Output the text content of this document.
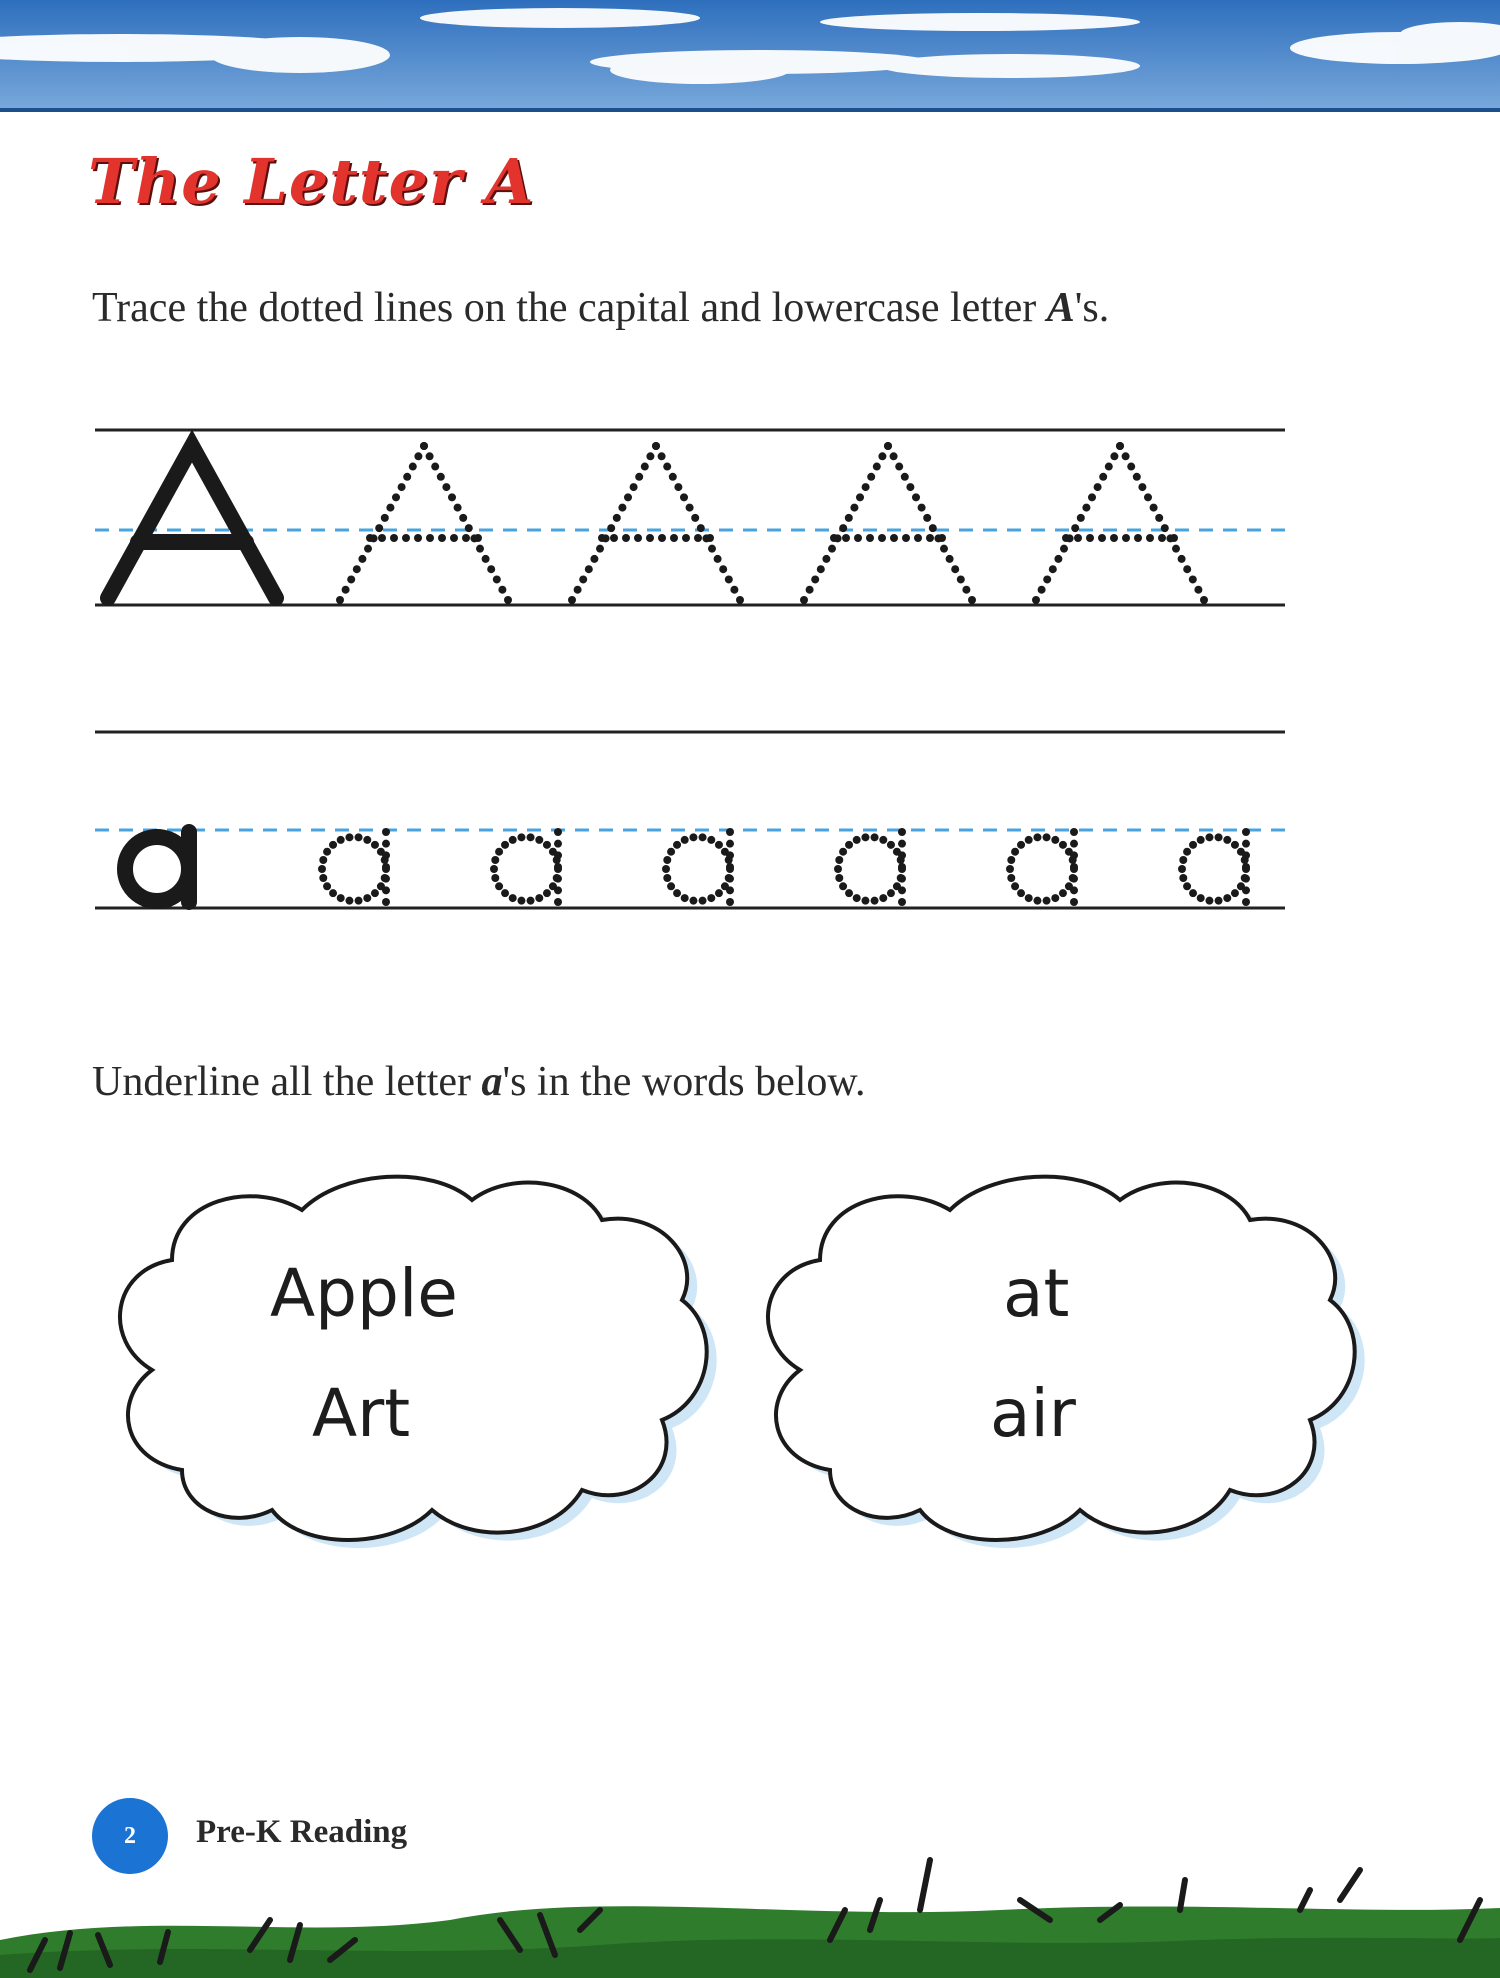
The Letter A

Trace the dotted lines on the capital and lowercase letter A's.

Underline all the letter a's in the words below.

Apple
Art
at
air
2	Pre-K Reading
